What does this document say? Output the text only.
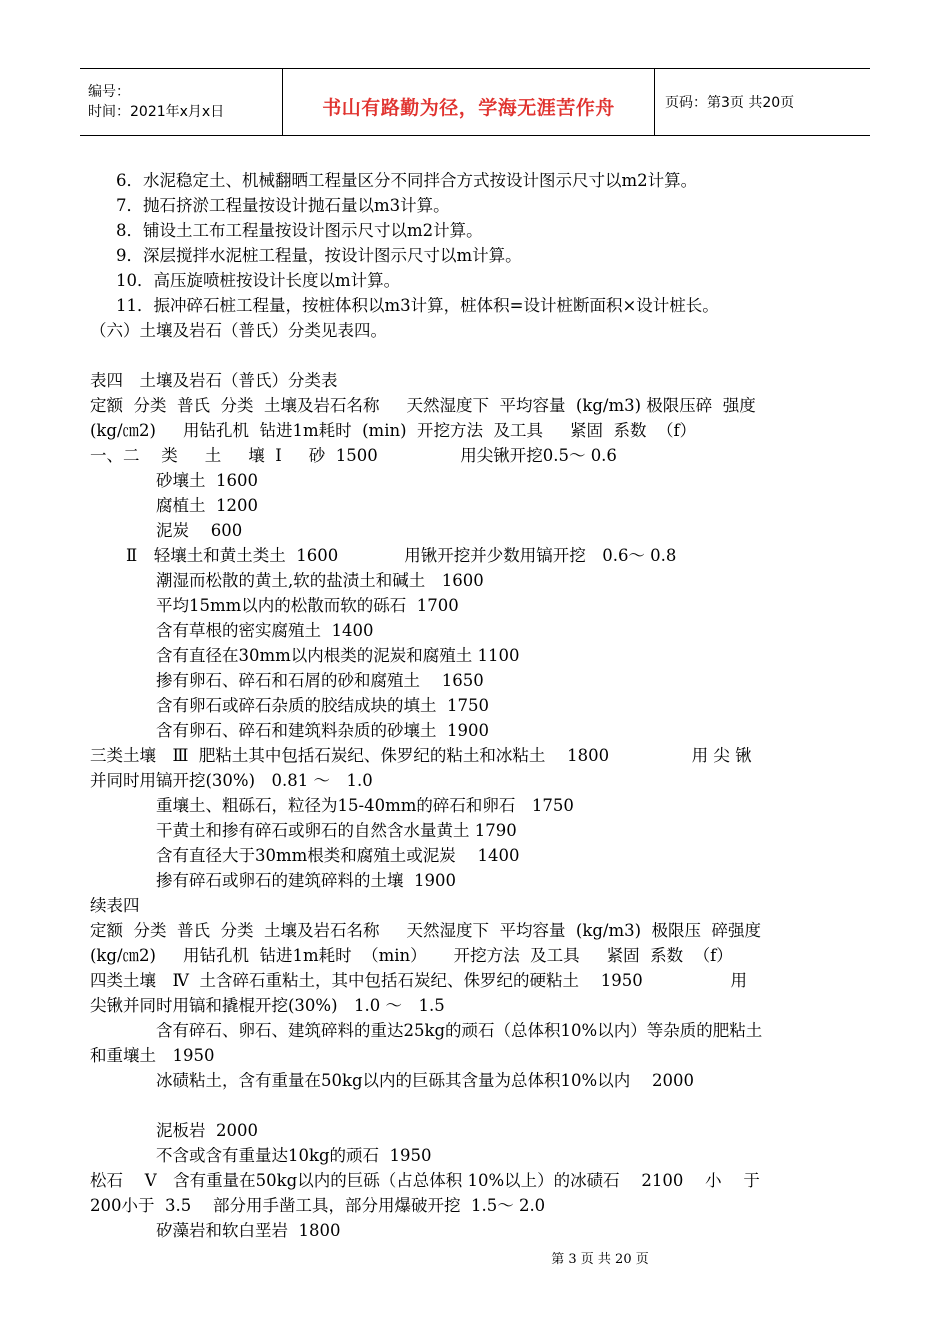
编号：
时间：2021年x月x日	书山有路勤为径，学海无涯苦作舟	页码：第3页 共20页
6．水泥稳定土、机械翻晒工程量区分不同拌合方式按设计图示尺寸以m2计算。
7．抛石挤淤工程量按设计抛石量以m3计算。
8．铺设土工布工程量按设计图示尺寸以m2计算。
9．深层搅拌水泥桩工程量，按设计图示尺寸以m计算。
10．高压旋喷桩按设计长度以m计算。
11．振冲碎石桩工程量，按桩体积以m3计算，桩体积=设计桩断面积×设计桩长。
（六）土壤及岩石（普氏）分类见表四。
表四　土壤及岩石（普氏）分类表
定额  分类  普氏  分类  土壤及岩石名称  　天然湿度下  平均容量  (kg/m3) 极限压碎  强度
(kg/㎝2)　  用钻孔机  钻进1m耗时  (min)  开挖方法  及工具  　紧固  系数  （f）
一、二　 类　  土　  壤  Ⅰ  　砂  1500　　　　　用尖锹开挖0.5～ 0.6
砂壤土  1600
腐植土  1200
泥炭　 600
Ⅱ　轻壤土和黄土类土  1600　　　　用锹开挖并少数用镐开挖　0.6～ 0.8
潮湿而松散的黄土,软的盐渍土和碱土　1600
平均15mm以内的松散而软的砾石  1700
含有草根的密实腐殖土  1400
含有直径在30mm以内根类的泥炭和腐殖土 1100
掺有卵石、碎石和石屑的砂和腐殖土　 1650
含有卵石或碎石杂质的胶结成块的填土  1750
含有卵石、碎石和建筑料杂质的砂壤土  1900
三类土壤　Ⅲ  肥粘土其中包括石炭纪、侏罗纪的粘土和冰粘土　 1800　　　　　用 尖 锹
并同时用镐开挖(30%)　0.81 ～　1.0
重壤土、粗砾石，粒径为15-40mm的碎石和卵石　1750
干黄土和掺有碎石或卵石的自然含水量黄土 1790
含有直径大于30mm根类和腐殖土或泥炭　 1400
掺有碎石或卵石的建筑碎料的土壤  1900
续表四
定额  分类  普氏  分类  土壤及岩石名称  　天然湿度下  平均容量  (kg/m3)  极限压  碎强度
(kg/㎝2)　  用钻孔机  钻进1m耗时  （min）  　开挖方法  及工具  　紧固  系数  （f）
四类土壤　Ⅳ  土含碎石重粘土，其中包括石炭纪、侏罗纪的硬粘土　 1950　　　　　 用
尖锹并同时用镐和撬棍开挖(30%)　1.0 ～　1.5
含有碎石、卵石、建筑碎料的重达25kg的顽石（总体积10%以内）等杂质的肥粘土
和重壤土　1950
冰碛粘土，含有重量在50kg以内的巨砾其含量为总体积10%以内　 2000
泥板岩  2000
不含或含有重量达10kg的顽石  1950
松石　 Ⅴ　含有重量在50kg以内的巨砾（占总体积 10%以上）的冰碛石　 2100　 小　 于
200小于  3.5　 部分用手凿工具，部分用爆破开挖  1.5～ 2.0
矽藻岩和软白垩岩  1800
第 3 页 共 20 页
